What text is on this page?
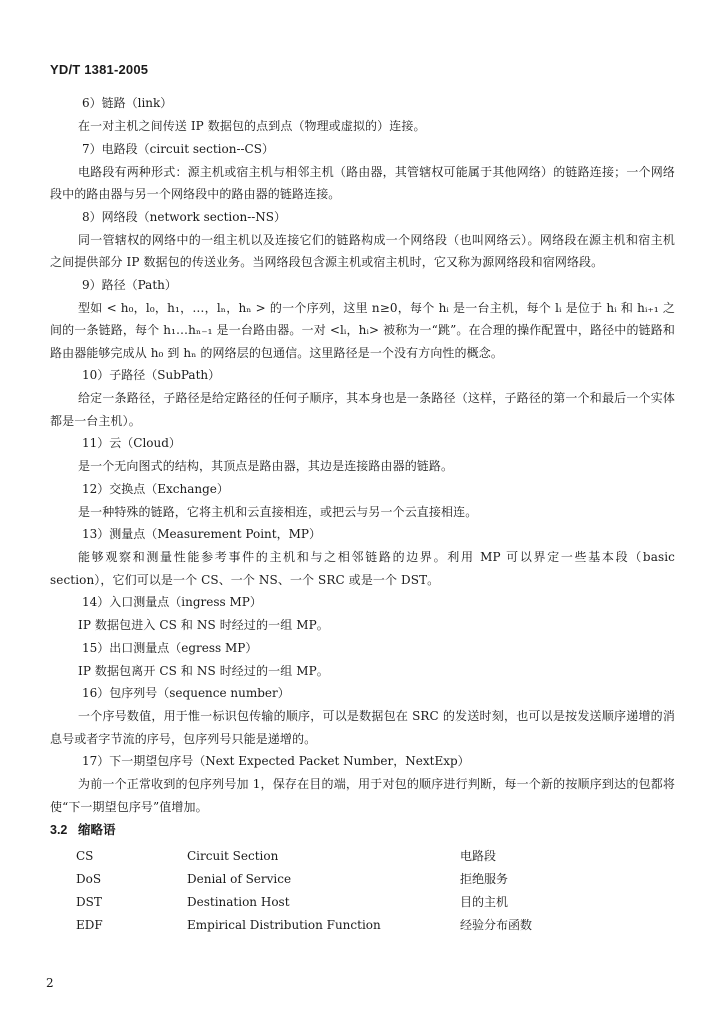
YD/T 1381-2005
6）链路（link）
在一对主机之间传送 IP 数据包的点到点（物理或虚拟的）连接。
7）电路段（circuit section--CS）
电路段有两种形式：源主机或宿主机与相邻主机（路由器，其管辖权可能属于其他网络）的链路连接；一个网络段中的路由器与另一个网络段中的路由器的链路连接。
8）网络段（network section--NS）
同一管辖权的网络中的一组主机以及连接它们的链路构成一个网络段（也叫网络云）。网络段在源主机和宿主机之间提供部分 IP 数据包的传送业务。当网络段包含源主机或宿主机时，它又称为源网络段和宿网络段。
9）路径（Path）
型如 < h₀，l₀，h₁，…，lₙ，hₙ > 的一个序列，这里 n≥0，每个 hᵢ 是一台主机，每个 lᵢ 是位于 hᵢ 和 hᵢ₊₁ 之间的一条链路，每个 h₁…hₙ₋₁ 是一台路由器。一对 <lᵢ，hᵢ> 被称为一“跳”。在合理的操作配置中，路径中的链路和路由器能够完成从 h₀ 到 hₙ 的网络层的包通信。这里路径是一个没有方向性的概念。
10）子路径（SubPath）
给定一条路径，子路径是给定路径的任何子顺序，其本身也是一条路径（这样，子路径的第一个和最后一个实体都是一台主机）。
11）云（Cloud）
是一个无向图式的结构，其顶点是路由器，其边是连接路由器的链路。
12）交换点（Exchange）
是一种特殊的链路，它将主机和云直接相连，或把云与另一个云直接相连。
13）测量点（Measurement Point，MP）
能够观察和测量性能参考事件的主机和与之相邻链路的边界。利用 MP 可以界定一些基本段（basic section），它们可以是一个 CS、一个 NS、一个 SRC 或是一个 DST。
14）入口测量点（ingress MP）
IP 数据包进入 CS 和 NS 时经过的一组 MP。
15）出口测量点（egress MP）
IP 数据包离开 CS 和 NS 时经过的一组 MP。
16）包序列号（sequence number）
一个序号数值，用于惟一标识包传输的顺序，可以是数据包在 SRC 的发送时刻，也可以是按发送顺序递增的消息号或者字节流的序号，包序列号只能是递增的。
17）下一期望包序号（Next Expected Packet Number，NextExp）
为前一个正常收到的包序列号加 1，保存在目的端，用于对包的顺序进行判断，每一个新的按顺序到达的包都将使“下一期望包序号”值增加。
3.2 缩略语
CS	Circuit Section	电路段
DoS	Denial of Service	拒绝服务
DST	Destination Host	目的主机
EDF	Empirical Distribution Function	经验分布函数
2
